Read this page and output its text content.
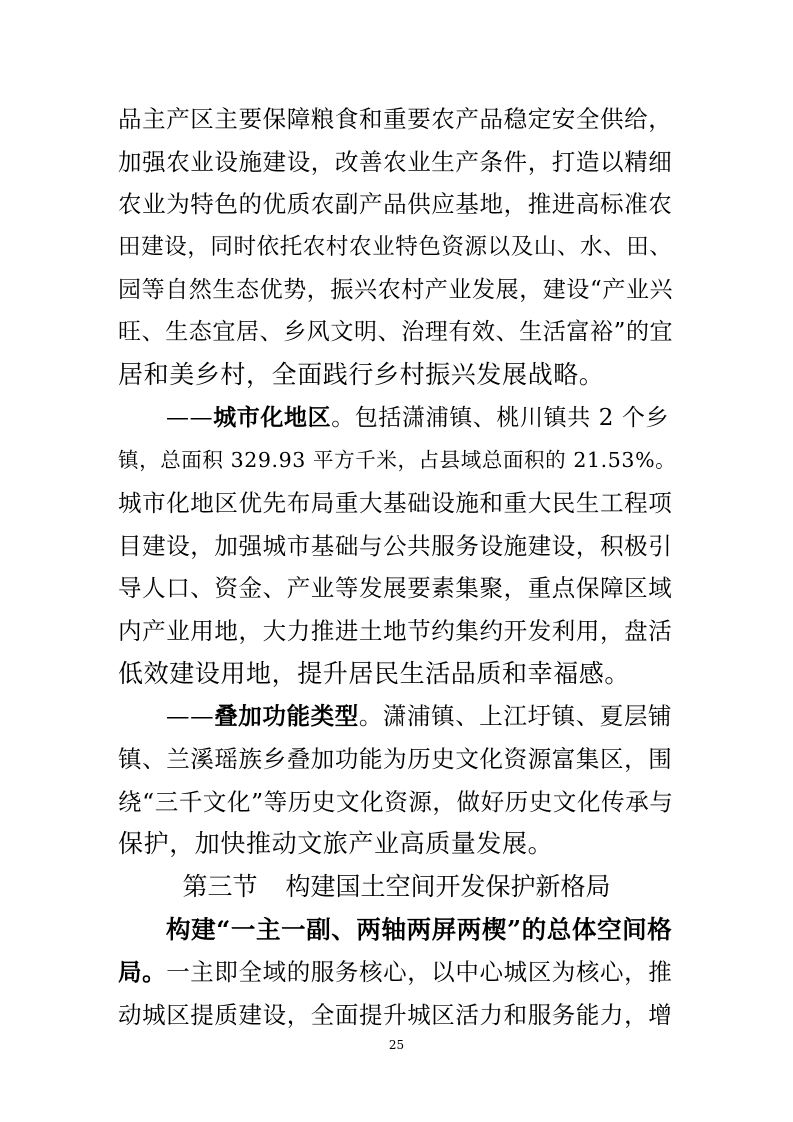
品主产区主要保障粮食和重要农产品稳定安全供给，
加强农业设施建设，改善农业生产条件，打造以精细
农业为特色的优质农副产品供应基地，推进高标准农
田建设，同时依托农村农业特色资源以及山、水、田、
园等自然生态优势，振兴农村产业发展，建设“产业兴
旺、生态宜居、乡风文明、治理有效、生活富裕”的宜
居和美乡村，全面践行乡村振兴发展战略。
——城市化地区。包括潇浦镇、桃川镇共 2 个乡
镇，总面积 329.93 平方千米，占县域总面积的 21.53%。
城市化地区优先布局重大基础设施和重大民生工程项
目建设，加强城市基础与公共服务设施建设，积极引
导人口、资金、产业等发展要素集聚，重点保障区域
内产业用地，大力推进土地节约集约开发利用，盘活
低效建设用地，提升居民生活品质和幸福感。
——叠加功能类型。潇浦镇、上江圩镇、夏层铺
镇、兰溪瑶族乡叠加功能为历史文化资源富集区，围
绕“三千文化”等历史文化资源，做好历史文化传承与
保护，加快推动文旅产业高质量发展。
第三节 构建国土空间开发保护新格局
构建“一主一副、两轴两屏两楔”的总体空间格
局。一主即全域的服务核心，以中心城区为核心，推
动城区提质建设，全面提升城区活力和服务能力，增
25
